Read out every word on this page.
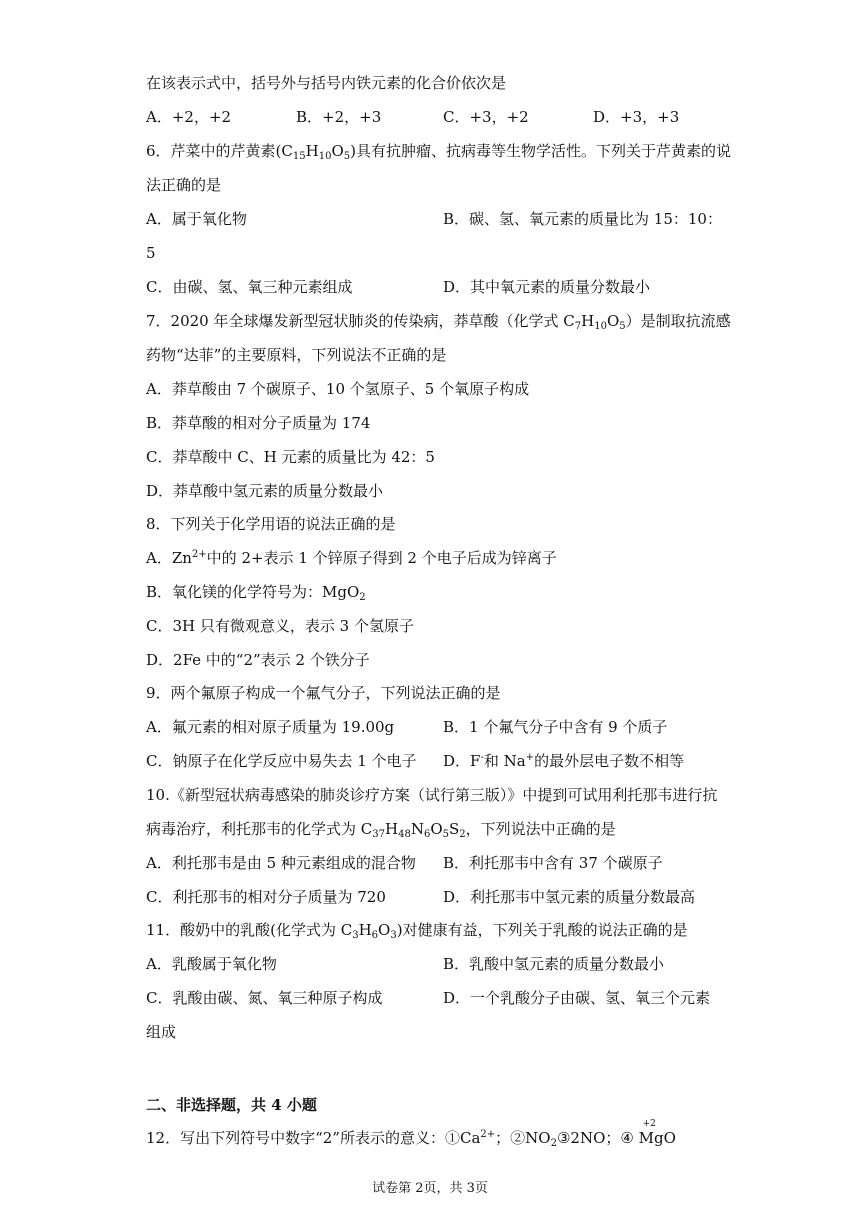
在该表示式中，括号外与括号内铁元素的化合价依次是
A．+2，+2	B．+2，+3	C．+3，+2	D．+3，+3
6．芹菜中的芹黄素$(C_{15}H_{10}O_5)$具有抗肿瘤、抗病毒等生物学活性。下列关于芹黄素的说
法正确的是
A．属于氧化物	B．碳、氢、氧元素的质量比为 15：10：
5
C．由碳、氢、氧三种元素组成	D．其中氧元素的质量分数最小
7．2020 年全球爆发新型冠状肺炎的传染病，莽草酸（化学式 $C_7H_{10}O_5$）是制取抗流感
药物“达菲”的主要原料，下列说法不正确的是
A．莽草酸由 7 个碳原子、10 个氢原子、5 个氧原子构成
B．莽草酸的相对分子质量为 174
C．莽草酸中 C、H 元素的质量比为 42：5
D．莽草酸中氢元素的质量分数最小
8．下列关于化学用语的说法正确的是
A．$Zn^{2+}$中的 2+表示 1 个锌原子得到 2 个电子后成为锌离子
B．氧化镁的化学符号为：MgO$_2$
C．3H 只有微观意义，表示 3 个氢原子
D．2Fe 中的“2”表示 2 个铁分子
9．两个氟原子构成一个氟气分子，下列说法正确的是
A．氟元素的相对原子质量为 19.00g	B．1 个氟气分子中含有 9 个质子
C．钠原子在化学反应中易失去 1 个电子 D．F-和 Na+的最外层电子数不相等
10.《新型冠状病毒感染的肺炎诊疗方案（试行第三版）》中提到可试用利托那韦进行抗
病毒治疗，利托那韦的化学式为 $C_{37}H_{48}N_6O_5S_2$，下列说法中正确的是
A．利托那韦是由 5 种元素组成的混合物 B．利托那韦中含有 37 个碳原子
C．利托那韦的相对分子质量为 720	D．利托那韦中氢元素的质量分数最高
11．酸奶中的乳酸(化学式为 $C_3H_6O_3$)对健康有益，下列关于乳酸的说法正确的是
A．乳酸属于氧化物	B．乳酸中氢元素的质量分数最小
C．乳酸由碳、氮、氧三种原子构成	D．一个乳酸分子由碳、氢、氧三个元素
组成
二、非选择题，共 4 小题
12．写出下列符号中数字“2”所表示的意义：$①Ca^{2+}$；$②NO_2③2NO$；④
+2
MgO
试卷第 2页，共 3页
